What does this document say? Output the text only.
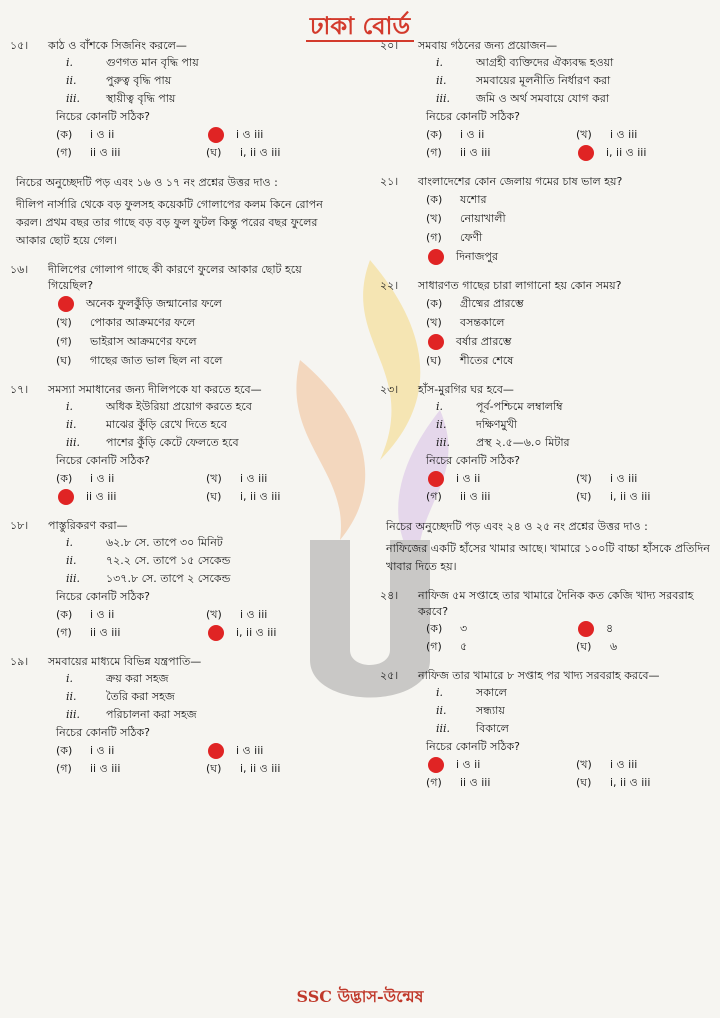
ঢাকা বোর্ড
১৫।	কাঠ ও বাঁশকে সিজনিং করলে—
i.	গুণগত মান বৃদ্ধি পায়
ii.	পুরুত্ব বৃদ্ধি পায়
iii.	স্থায়ীত্ব বৃদ্ধি পায়
নিচের কোনটি সঠিক?
(ক)	i ও ii	i ও iii
(গ)	ii ও iii	(ঘ)	i, ii ও iii
নিচের অনুচ্ছেদটি পড় এবং ১৬ ও ১৭ নং প্রশ্নের উত্তর দাও :
দীলিপ নার্সারি থেকে বড় ফুলসহ কয়েকটি গোলাপের কলম কিনে রোপন করল। প্রথম বছর তার গাছে বড় বড় ফুল ফুটল কিন্তু পরের বছর ফুলের আকার ছোট হয়ে গেল।
১৬।	দীলিপের গোলাপ গাছে কী কারণে ফুলের আকার ছোট হয়ে গিয়েছিল?
অনেক ফুলকুঁড়ি জন্মানোর ফলে
(খ)	পোকার আক্রমণের ফলে
(গ)	ভাইরাস আক্রমণের ফলে
(ঘ)	গাছের জাত ভাল ছিল না বলে
১৭।	সমস্যা সমাধানের জন্য দীলিপকে যা করতে হবে—
i.	অধিক ইউরিয়া প্রয়োগ করতে হবে
ii.	মাঝের কুঁড়ি রেখে দিতে হবে
iii.	পাশের কুঁড়ি কেটে ফেলতে হবে
নিচের কোনটি সঠিক?
(ক)	i ও ii	(খ)	i ও iii
ii ও iii	(ঘ)	i, ii ও iii
১৮।	পাস্তুরিকরণ করা—
i.	৬২.৮ সে. তাপে ৩০ মিনিট
ii.	৭২.২ সে. তাপে ১৫ সেকেন্ড
iii.	১৩৭.৮ সে. তাপে ২ সেকেন্ড
নিচের কোনটি সঠিক?
(ক)	i ও ii	(খ)	i ও iii
(গ)	ii ও iii	i, ii ও iii
১৯।	সমবায়ের মাধ্যমে বিভিন্ন যন্ত্রপাতি—
i.	ক্রয় করা সহজ
ii.	তৈরি করা সহজ
iii.	পরিচালনা করা সহজ
নিচের কোনটি সঠিক?
(ক)	i ও ii	i ও iii
(গ)	ii ও iii	(ঘ)	i, ii ও iii
২০।	সমবায় গঠনের জন্য প্রয়োজন—
i.	আগ্রহী ব্যক্তিদের ঐক্যবদ্ধ হওয়া
ii.	সমবায়ের মূলনীতি নির্ধারণ করা
iii.	জমি ও অর্থ সমবায়ে যোগ করা
নিচের কোনটি সঠিক?
(ক)	i ও ii	(খ)	i ও iii
(গ)	ii ও iii	i, ii ও iii
২১।	বাংলাদেশের কোন জেলায় গমের চাষ ভাল হয়?
(ক)	যশোর
(খ)	নোয়াখালী
(গ)	ফেণী
দিনাজপুর
২২।	সাধারণত গাছের চারা লাগানো হয় কোন সময়?
(ক)	গ্রীষ্মের প্রারম্ভে
(খ)	বসন্তকালে
বর্ষার প্রারম্ভে
(ঘ)	শীতের শেষে
২৩।	হাঁস-মুরগির ঘর হবে—
i.	পূর্ব-পশ্চিমে লম্বালম্বি
ii.	দক্ষিণমুখী
iii.	প্রস্থ ২.৫—৬.০ মিটার
নিচের কোনটি সঠিক?
i ও ii	(খ)	i ও iii
(গ)	ii ও iii	(ঘ)	i, ii ও iii
নিচের অনুচ্ছেদটি পড় এবং ২৪ ও ২৫ নং প্রশ্নের উত্তর দাও :
নাফিজের একটি হাঁসের খামার আছে। খামারে ১০০টি বাচ্চা হাঁসকে প্রতিদিন খাবার দিতে হয়।
২৪।	নাফিজ ৫ম সপ্তাহে তার খামারে দৈনিক কত কেজি খাদ্য সরবরাহ করবে?
(ক)	৩	৪
(গ)	৫	(ঘ)	৬
২৫।	নাফিজ তার খামারে ৮ সপ্তাহ পর খাদ্য সরবরাহ করবে—
i.	সকালে
ii.	সন্ধ্যায়
iii.	বিকালে
নিচের কোনটি সঠিক?
i ও ii	(খ)	i ও iii
(গ)	ii ও iii	(ঘ)	i, ii ও iii
SSC উদ্ভাস-উন্মেষ
